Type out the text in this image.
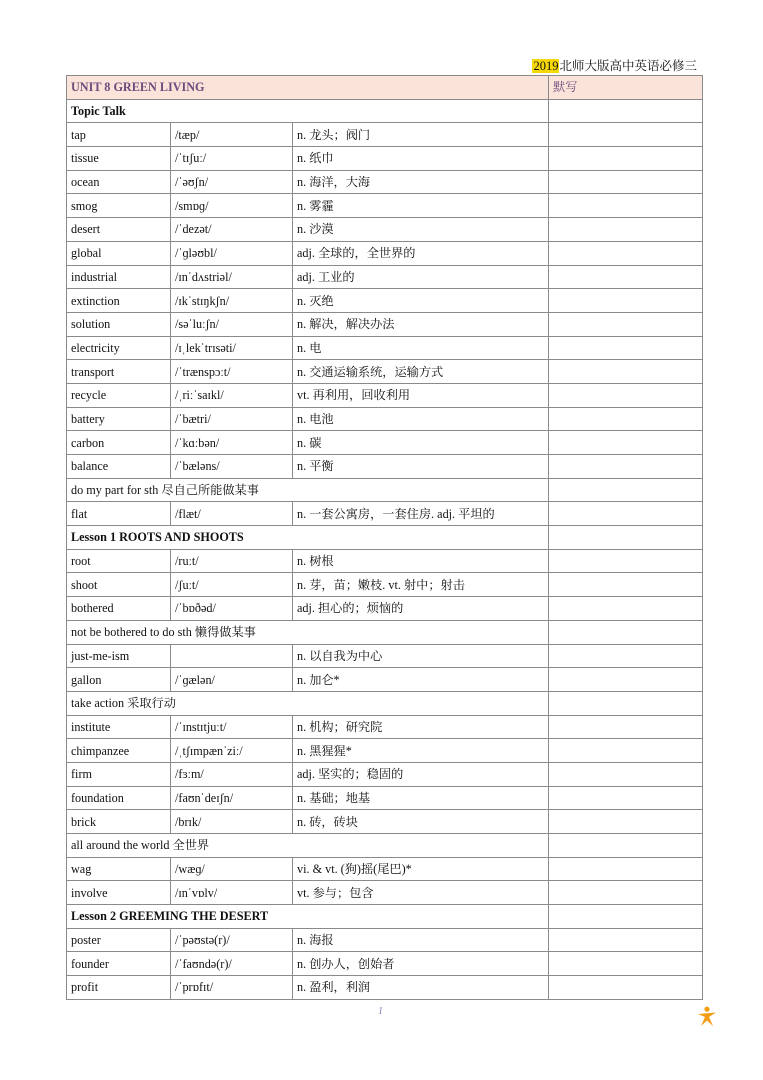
2019北师大版高中英语必修三
UNIT 8 GREEN LIVING			默写
Topic Talk			
tap	/tæp/	n. 龙头；阀门	
tissue	/ˈtɪʃuː/	n. 纸巾	
ocean	/ˈəʊʃn/	n. 海洋，大海	
smog	/smɒɡ/	n. 雾霾	
desert	/ˈdezət/	n. 沙漠	
global	/ˈɡləʊbl/	adj. 全球的，全世界的	
industrial	/ɪnˈdʌstriəl/	adj. 工业的	
extinction	/ɪkˈstɪŋkʃn/	n. 灭绝	
solution	/səˈluːʃn/	n. 解决，解决办法	
electricity	/ɪˌlekˈtrɪsəti/	n. 电	
transport	/ˈtrænspɔːt/	n. 交通运输系统，运输方式	
recycle	/ˌriːˈsaɪkl/	vt. 再利用，回收利用	
battery	/ˈbætri/	n. 电池	
carbon	/ˈkɑːbən/	n. 碳	
balance	/ˈbæləns/	n. 平衡	
do my part for sth 尽自己所能做某事			
flat	/flæt/	n. 一套公寓房，一套住房. adj. 平坦的	
Lesson 1 ROOTS AND SHOOTS			
root	/ruːt/	n. 树根	
shoot	/ʃuːt/	n. 芽，苗；嫩枝. vt. 射中；射击	
bothered	/ˈbɒðəd/	adj. 担心的；烦恼的	
not be bothered to do sth 懒得做某事			
just-me-ism		n. 以自我为中心	
gallon	/ˈɡælən/	n. 加仑*	
take action 采取行动			
institute	/ˈɪnstɪtjuːt/	n. 机构；研究院	
chimpanzee	/ˌtʃɪmpænˈziː/	n. 黑猩猩*	
firm	/fɜːm/	adj. 坚实的；稳固的	
foundation	/faʊnˈdeɪʃn/	n. 基础；地基	
brick	/brɪk/	n. 砖，砖块	
all around the world 全世界			
wag	/wæɡ/	vi. & vt. (狗)摇(尾巴)*	
involve	/ɪnˈvɒlv/	vt. 参与；包含	
Lesson 2 GREEMING THE DESERT			
poster	/ˈpəʊstə(r)/	n. 海报	
founder	/ˈfaʊndə(r)/	n. 创办人，创始者	
profit	/ˈprɒfɪt/	n. 盈利，利润	
1
